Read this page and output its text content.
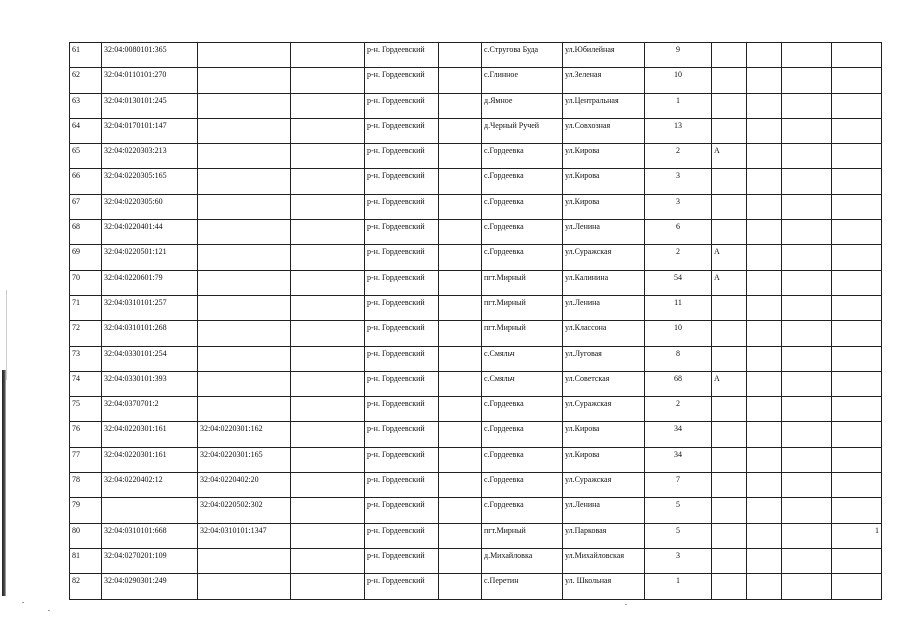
61	32:04:0080101:365			р-н. Гордеевский		с.Стругова Буда	ул.Юбилейная	9				
62	32:04:0110101:270			р-н. Гордеевский		с.Глинное	ул.Зеленая	10				
63	32:04:0130101:245			р-н. Гордеевский		д.Ямное	ул.Центральная	1				
64	32:04:0170101:147			р-н. Гордеевский		д.Черный Ручей	ул.Совхозная	13				
65	32:04:0220303:213			р-н. Гордеевский		с.Гордеевка	ул.Кирова	2	А			
66	32:04:0220305:165			р-н. Гордеевский		с.Гордеевка	ул.Кирова	3				
67	32:04:0220305:60			р-н. Гордеевский		с.Гордеевка	ул.Кирова	3				
68	32:04:0220401:44			р-н. Гордеевский		с.Гордеевка	ул.Ленина	6				
69	32:04:0220501:121			р-н. Гордеевский		с.Гордеевка	ул.Суражская	2	А			
70	32:04:0220601:79			р-н. Гордеевский		пгт.Мирный	ул.Калинина	54	А			
71	32:04:0310101:257			р-н. Гордеевский		пгт.Мирный	ул.Ленина	11				
72	32:04:0310101:268			р-н. Гордеевский		пгт.Мирный	ул.Классона	10				
73	32:04:0330101:254			р-н. Гордеевский		с.Смяльч	ул.Луговая	8				
74	32:04:0330101:393			р-н. Гордеевский		с.Смяльч	ул.Советская	68	А			
75	32:04:0370701:2			р-н. Гордеевский		с.Гордеевка	ул.Суражская	2				
76	32:04:0220301:161	32:04:0220301:162		р-н. Гордеевский		с.Гордеевка	ул.Кирова	34				
77	32:04:0220301:161	32:04:0220301:165		р-н. Гордеевский		с.Гордеевка	ул.Кирова	34				
78	32:04:0220402:12	32:04:0220402:20		р-н. Гордеевский		с.Гордеевка	ул.Суражская	7				
79		32:04:0220502:302		р-н. Гордеевский		с.Гордеевка	ул.Ленина	5				
80	32:04:0310101:668	32:04:0310101:1347		р-н. Гордеевский		пгт.Мирный	ул.Парковая	5				1
81	32:04:0270201:109			р-н. Гордеевский		д.Михайловка	ул.Михайловская	3				
82	32:04:0290301:249			р-н. Гордеевский		с.Перетин	ул. Школьная	1				
